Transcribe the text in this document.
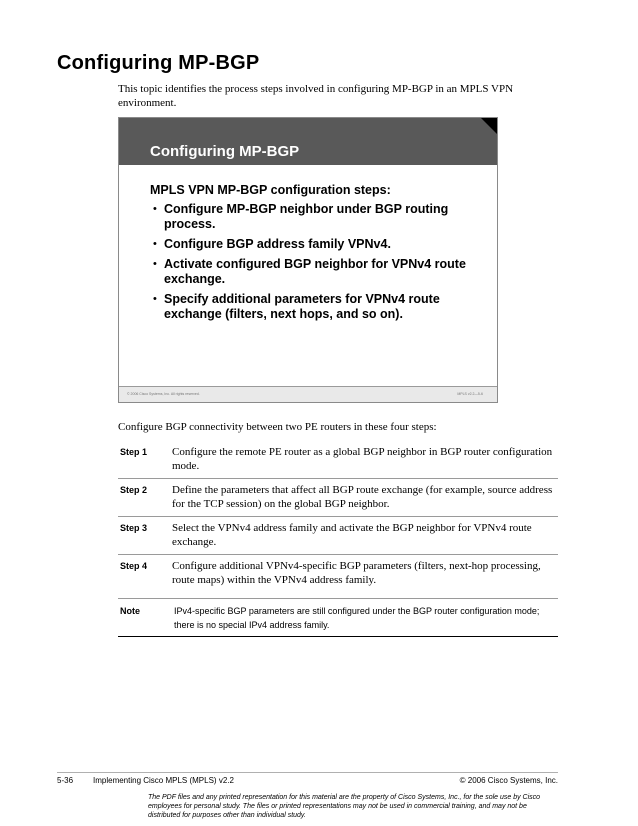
Configuring MP-BGP
This topic identifies the process steps involved in configuring MP-BGP in an MPLS VPN environment.
Configuring MP-BGP
MPLS VPN MP-BGP configuration steps:
• Configure MP-BGP neighbor under BGP routing process.
• Configure BGP address family VPNv4.
• Activate configured BGP neighbor for VPNv4 route exchange.
• Specify additional parameters for VPNv4 route exchange (filters, next hops, and so on).
© 2006 Cisco Systems, Inc. All rights reserved.	MPLS v2.2—5-6
Configure BGP connectivity between two PE routers in these four steps:
Step 1	Configure the remote PE router as a global BGP neighbor in BGP router configuration mode.
Step 2	Define the parameters that affect all BGP route exchange (for example, source address for the TCP session) on the global BGP neighbor.
Step 3	Select the VPNv4 address family and activate the BGP neighbor for VPNv4 route exchange.
Step 4	Configure additional VPNv4-specific BGP parameters (filters, next-hop processing, route maps) within the VPNv4 address family.
Note	IPv4-specific BGP parameters are still configured under the BGP router configuration mode; there is no special IPv4 address family.
5-36 Implementing Cisco MPLS (MPLS) v2.2	© 2006 Cisco Systems, Inc.
The PDF files and any printed representation for this material are the property of Cisco Systems, Inc., for the sole use by Cisco employees for personal study. The files or printed representations may not be used in commercial training, and may not be distributed for purposes other than individual study.
